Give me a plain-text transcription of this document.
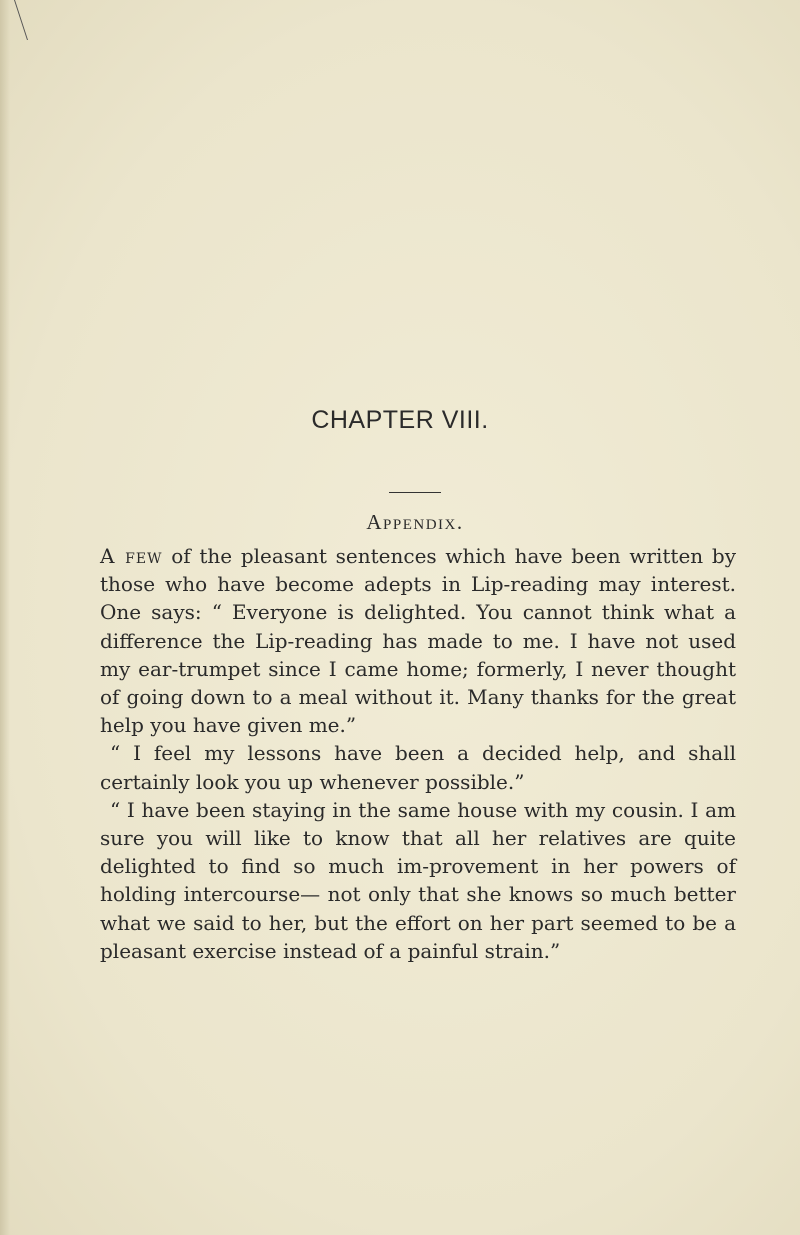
CHAPTER VIII.
Appendix.

A few of the pleasant sentences which have been written by those who have become adepts in Lip-reading may interest. One says: “ Everyone is delighted. You cannot think what a difference the Lip-reading has made to me. I have not used my ear-trumpet since I came home; formerly, I never thought of going down to a meal without it. Many thanks for the great help you have given me.”

“ I feel my lessons have been a decided help, and shall certainly look you up whenever possible.”

“ I have been staying in the same house with my cousin. I am sure you will like to know that all her relatives are quite delighted to find so much im-provement in her powers of holding intercourse— not only that she knows so much better what we said to her, but the effort on her part seemed to be a pleasant exercise instead of a painful strain.”
